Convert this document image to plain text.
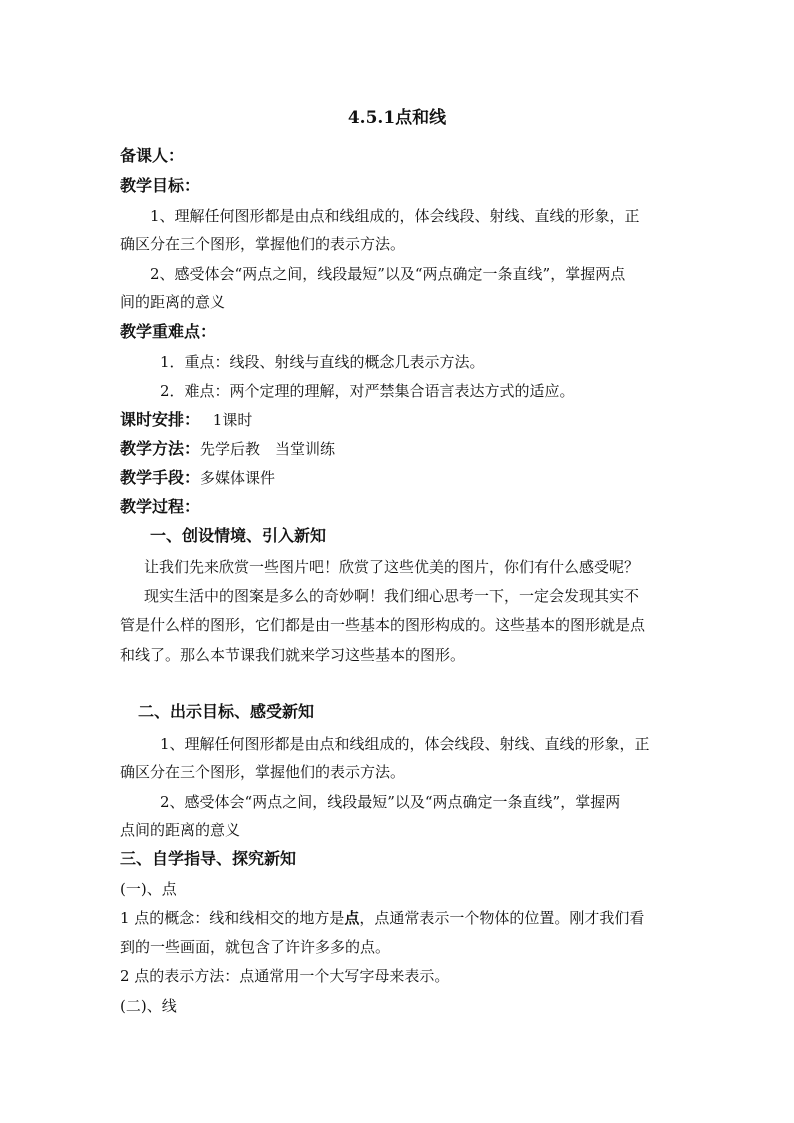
4.5.1点和线
备课人：
教学目标：
1、理解任何图形都是由点和线组成的，体会线段、射线、直线的形象，正
确区分在三个图形，掌握他们的表示方法。
2、感受体会“两点之间，线段最短”以及“两点确定一条直线”，掌握两点
间的距离的意义
教学重难点：
1．重点：线段、射线与直线的概念几表示方法。
2．难点：两个定理的理解，对严禁集合语言表达方式的适应。
课时安排： 1课时
教学方法：先学后教　当堂训练
教学手段：多媒体课件
教学过程：
一、创设情境、引入新知
让我们先来欣赏一些图片吧！欣赏了这些优美的图片，你们有什么感受呢？
现实生活中的图案是多么的奇妙啊！我们细心思考一下，一定会发现其实不
管是什么样的图形，它们都是由一些基本的图形构成的。这些基本的图形就是点
和线了。那么本节课我们就来学习这些基本的图形。
二、出示目标、感受新知
1、理解任何图形都是由点和线组成的，体会线段、射线、直线的形象，正
确区分在三个图形，掌握他们的表示方法。
2、感受体会“两点之间，线段最短”以及“两点确定一条直线”，掌握两
点间的距离的意义
三、自学指导、探究新知
(一)、点
1 点的概念：线和线相交的地方是点，点通常表示一个物体的位置。刚才我们看
到的一些画面，就包含了许许多多的点。
2 点的表示方法：点通常用一个大写字母来表示。
(二)、线
